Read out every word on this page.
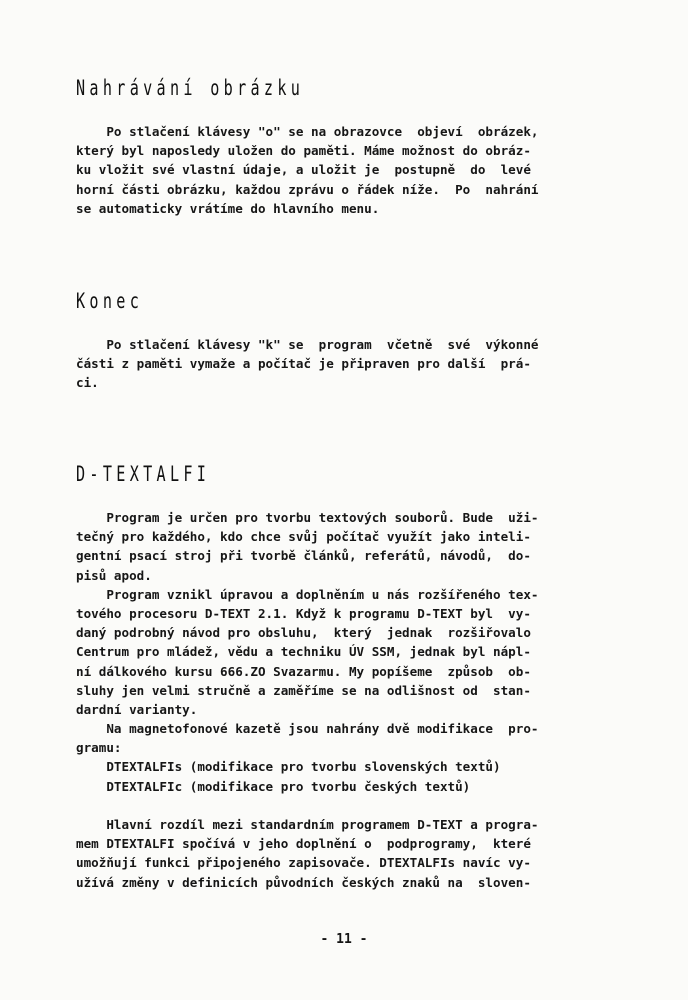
Nahrávání obrázku
Po stlačení klávesy "o" se na obrazovce  objeví  obrázek,
který byl naposledy uložen do paměti. Máme možnost do obráz-
ku vložit své vlastní údaje, a uložit je  postupně  do  levé
horní části obrázku, každou zprávu o řádek níže.  Po  nahrání
se automaticky vrátíme do hlavního menu.
Konec
Po stlačení klávesy "k" se  program  včetně  své  výkonné
části z paměti vymaže a počítač je připraven pro další  prá-
ci.
D-TEXTALFI
Program je určen pro tvorbu textových souborů. Bude  uži-
tečný pro každého, kdo chce svůj počítač využít jako inteli-
gentní psací stroj při tvorbě článků, referátů, návodů,  do-
pisů apod.
Program vznikl úpravou a doplněním u nás rozšířeného tex-
tového procesoru D-TEXT 2.1. Když k programu D-TEXT byl  vy-
daný podrobný návod pro obsluhu,  který  jednak  rozšiřovalo
Centrum pro mládež, vědu a techniku ÚV SSM, jednak byl nápl-
ní dálkového kursu 666.ZO Svazarmu. My popíšeme  způsob  ob-
sluhy jen velmi stručně a zaměříme se na odlišnost od  stan-
dardní varianty.
Na magnetofonové kazetě jsou nahrány dvě modifikace  pro-
gramu:
DTEXTALFIs (modifikace pro tvorbu slovenských textů)
DTEXTALFIc (modifikace pro tvorbu českých textů)
Hlavní rozdíl mezi standardním programem D-TEXT a progra-
mem DTEXTALFI spočívá v jeho doplnění o  podprogramy,  které
umožňují funkci připojeného zapisovače. DTEXTALFIs navíc vy-
užívá změny v definicích původních českých znaků na  sloven-
- 11 -
